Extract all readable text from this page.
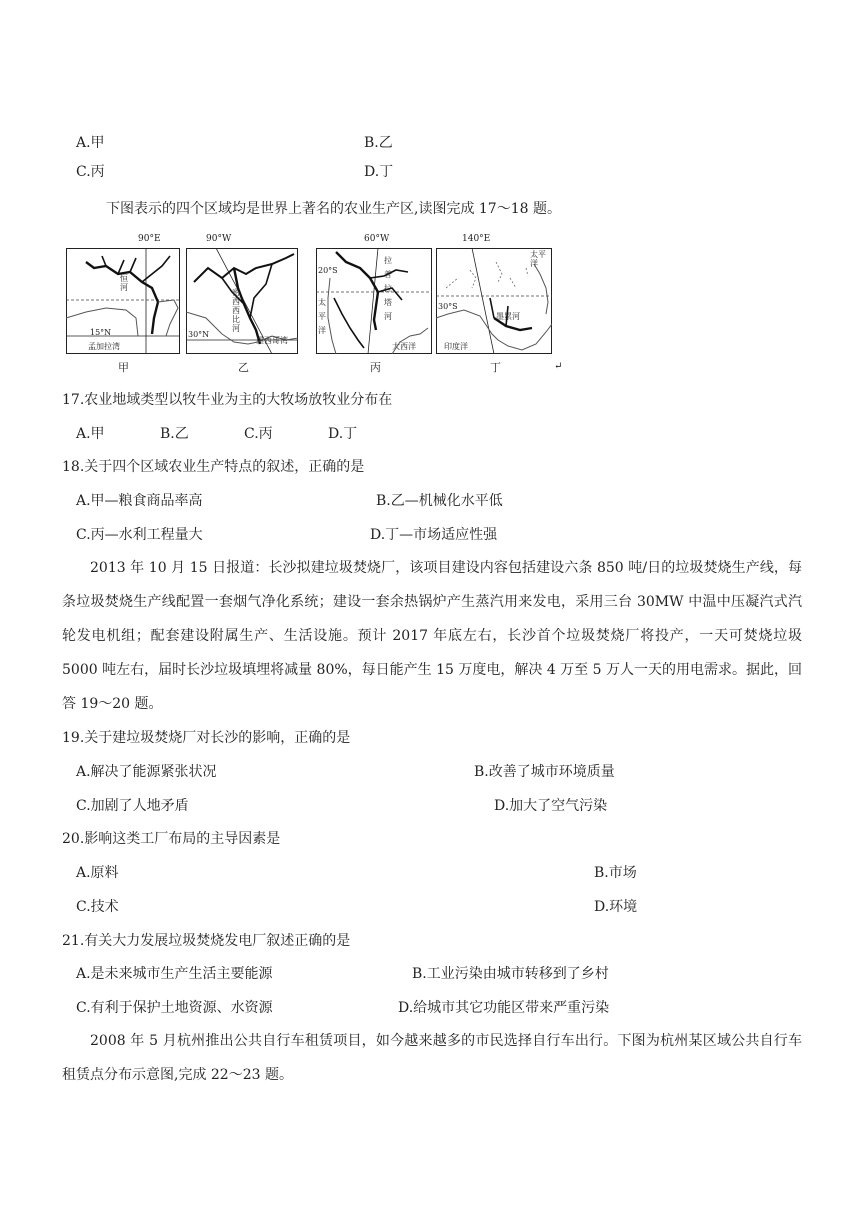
A.甲	B.乙
C.丙	D.丁
下图表示的四个区域均是世界上著名的农业生产区,读图完成 17～18 题。
90°E
恒河
15°N
孟加拉湾
甲
90°W
密西西比河
30°N
墨西哥湾
乙
60°W
20°S
拉普拉塔河
太平洋
大西洋
丙
140°E
太平洋
30°S
墨累河
印度洋
丁	↵
17.农业地域类型以牧牛业为主的大牧场放牧业分布在
A.甲	B.乙	C.丙	D.丁
18.关于四个区域农业生产特点的叙述，正确的是
A.甲—粮食商品率高	B.乙—机械化水平低
C.丙—水利工程量大	D.丁—市场适应性强
2013 年 10 月 15 日报道：长沙拟建垃圾焚烧厂，该项目建设内容包括建设六条 850 吨/日的垃圾焚烧生产线，每条垃圾焚烧生产线配置一套烟气净化系统；建设一套余热锅炉产生蒸汽用来发电，采用三台 30MW 中温中压凝汽式汽轮发电机组；配套建设附属生产、生活设施。预计 2017 年底左右，长沙首个垃圾焚烧厂将投产，一天可焚烧垃圾 5000 吨左右，届时长沙垃圾填埋将减量 80%，每日能产生 15 万度电，解决 4 万至 5 万人一天的用电需求。据此，回答 19～20 题。
19.关于建垃圾焚烧厂对长沙的影响，正确的是
A.解决了能源紧张状况	B.改善了城市环境质量
C.加剧了人地矛盾	D.加大了空气污染
20.影响这类工厂布局的主导因素是
A.原料	B.市场
C.技术	D.环境
21.有关大力发展垃圾焚烧发电厂叙述正确的是
A.是未来城市生产生活主要能源	B.工业污染由城市转移到了乡村
C.有利于保护土地资源、水资源	D.给城市其它功能区带来严重污染
2008 年 5 月杭州推出公共自行车租赁项目，如今越来越多的市民选择自行车出行。下图为杭州某区域公共自行车租赁点分布示意图,完成 22～23 题。
